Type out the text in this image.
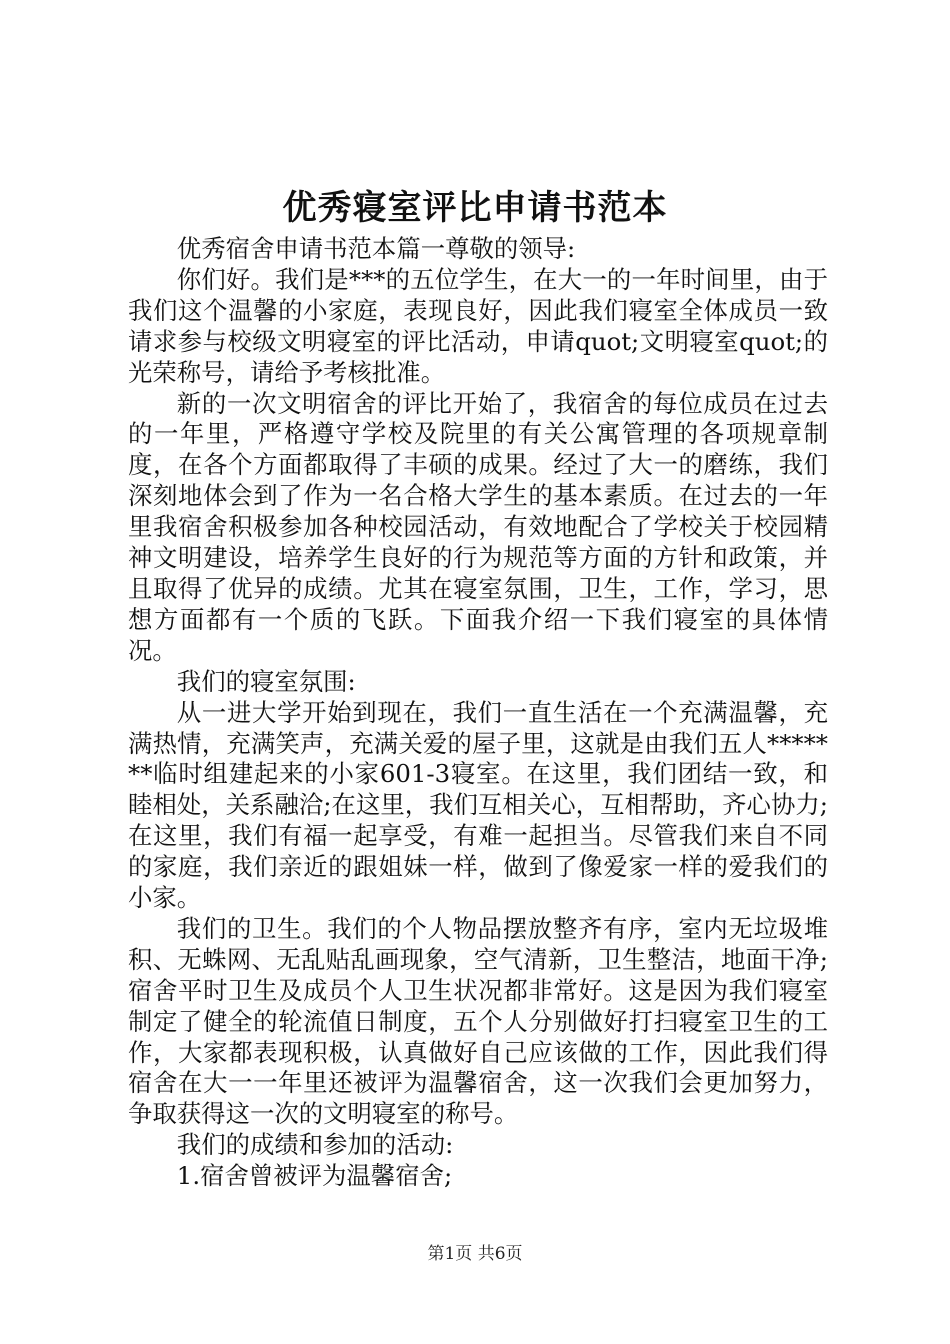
优秀寝室评比申请书范本

优秀宿舍申请书范本篇一尊敬的领导:

你们好。我们是***的五位学生，在大一的一年时间里，由于我们这个温馨的小家庭，表现良好，因此我们寝室全体成员一致请求参与校级文明寝室的评比活动，申请quot;文明寝室quot;的光荣称号，请给予考核批准。

新的一次文明宿舍的评比开始了，我宿舍的每位成员在过去的一年里，严格遵守学校及院里的有关公寓管理的各项规章制度，在各个方面都取得了丰硕的成果。经过了大一的磨练，我们深刻地体会到了作为一名合格大学生的基本素质。在过去的一年里我宿舍积极参加各种校园活动，有效地配合了学校关于校园精神文明建设，培养学生良好的行为规范等方面的方针和政策，并且取得了优异的成绩。尤其在寝室氛围，卫生，工作，学习，思想方面都有一个质的飞跃。下面我介绍一下我们寝室的具体情况。

我们的寝室氛围:

从一进大学开始到现在，我们一直生活在一个充满温馨，充满热情，充满笑声，充满关爱的屋子里，这就是由我们五人*******临时组建起来的小家601-3寝室。在这里，我们团结一致，和睦相处，关系融洽;在这里，我们互相关心，互相帮助，齐心协力;在这里，我们有福一起享受，有难一起担当。尽管我们来自不同的家庭，我们亲近的跟姐妹一样，做到了像爱家一样的爱我们的小家。

我们的卫生。我们的个人物品摆放整齐有序，室内无垃圾堆积、无蛛网、无乱贴乱画现象，空气清新，卫生整洁，地面干净;宿舍平时卫生及成员个人卫生状况都非常好。这是因为我们寝室制定了健全的轮流值日制度，五个人分别做好打扫寝室卫生的工作，大家都表现积极，认真做好自己应该做的工作，因此我们得宿舍在大一一年里还被评为温馨宿舍，这一次我们会更加努力，争取获得这一次的文明寝室的称号。

我们的成绩和参加的活动:

1.宿舍曾被评为温馨宿舍;

第1页 共6页
